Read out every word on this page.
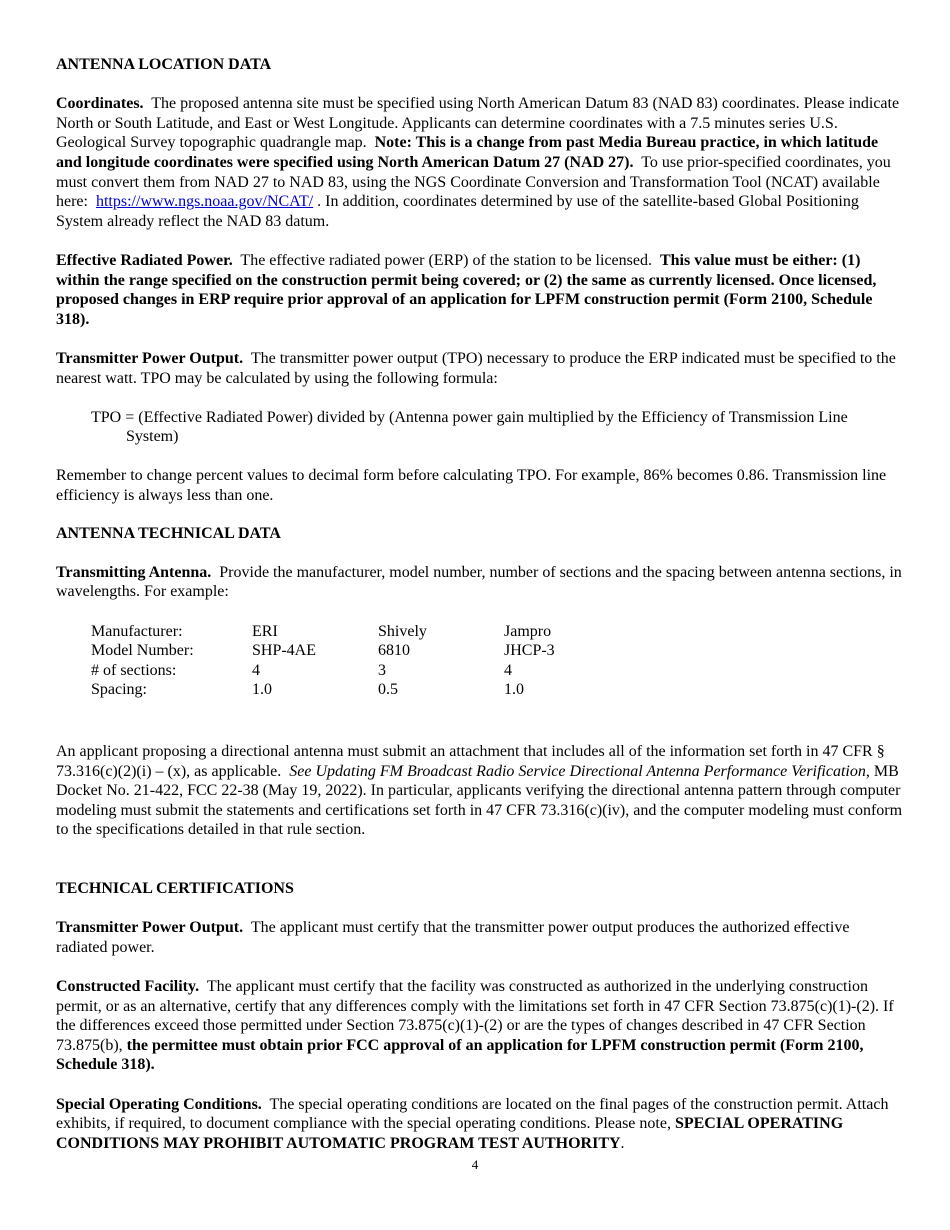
ANTENNA LOCATION DATA

Coordinates. The proposed antenna site must be specified using North American Datum 83 (NAD 83) coordinates. Please indicate North or South Latitude, and East or West Longitude. Applicants can determine coordinates with a 7.5 minutes series U.S. Geological Survey topographic quadrangle map. Note: This is a change from past Media Bureau practice, in which latitude and longitude coordinates were specified using North American Datum 27 (NAD 27). To use prior-specified coordinates, you must convert them from NAD 27 to NAD 83, using the NGS Coordinate Conversion and Transformation Tool (NCAT) available here: https://www.ngs.noaa.gov/NCAT/ . In addition, coordinates determined by use of the satellite-based Global Positioning System already reflect the NAD 83 datum.

Effective Radiated Power. The effective radiated power (ERP) of the station to be licensed. This value must be either: (1) within the range specified on the construction permit being covered; or (2) the same as currently licensed. Once licensed, proposed changes in ERP require prior approval of an application for LPFM construction permit (Form 2100, Schedule 318).

Transmitter Power Output. The transmitter power output (TPO) necessary to produce the ERP indicated must be specified to the nearest watt. TPO may be calculated by using the following formula:

TPO = (Effective Radiated Power) divided by (Antenna power gain multiplied by the Efficiency of Transmission Line System)

Remember to change percent values to decimal form before calculating TPO. For example, 86% becomes 0.86. Transmission line efficiency is always less than one.

ANTENNA TECHNICAL DATA

Transmitting Antenna. Provide the manufacturer, model number, number of sections and the spacing between antenna sections, in wavelengths. For example:

Manufacturer:	ERI	Shively	Jampro
Model Number:	SHP-4AE	6810	JHCP-3
# of sections:	4	3	4
Spacing:	1.0	0.5	1.0

An applicant proposing a directional antenna must submit an attachment that includes all of the information set forth in 47 CFR § 73.316(c)(2)(i) – (x), as applicable. See Updating FM Broadcast Radio Service Directional Antenna Performance Verification, MB Docket No. 21-422, FCC 22-38 (May 19, 2022). In particular, applicants verifying the directional antenna pattern through computer modeling must submit the statements and certifications set forth in 47 CFR 73.316(c)(iv), and the computer modeling must conform to the specifications detailed in that rule section.

TECHNICAL CERTIFICATIONS

Transmitter Power Output. The applicant must certify that the transmitter power output produces the authorized effective radiated power.

Constructed Facility. The applicant must certify that the facility was constructed as authorized in the underlying construction permit, or as an alternative, certify that any differences comply with the limitations set forth in 47 CFR Section 73.875(c)(1)-(2). If the differences exceed those permitted under Section 73.875(c)(1)-(2) or are the types of changes described in 47 CFR Section 73.875(b), the permittee must obtain prior FCC approval of an application for LPFM construction permit (Form 2100, Schedule 318).

Special Operating Conditions. The special operating conditions are located on the final pages of the construction permit. Attach exhibits, if required, to document compliance with the special operating conditions. Please note, SPECIAL OPERATING CONDITIONS MAY PROHIBIT AUTOMATIC PROGRAM TEST AUTHORITY.

4
